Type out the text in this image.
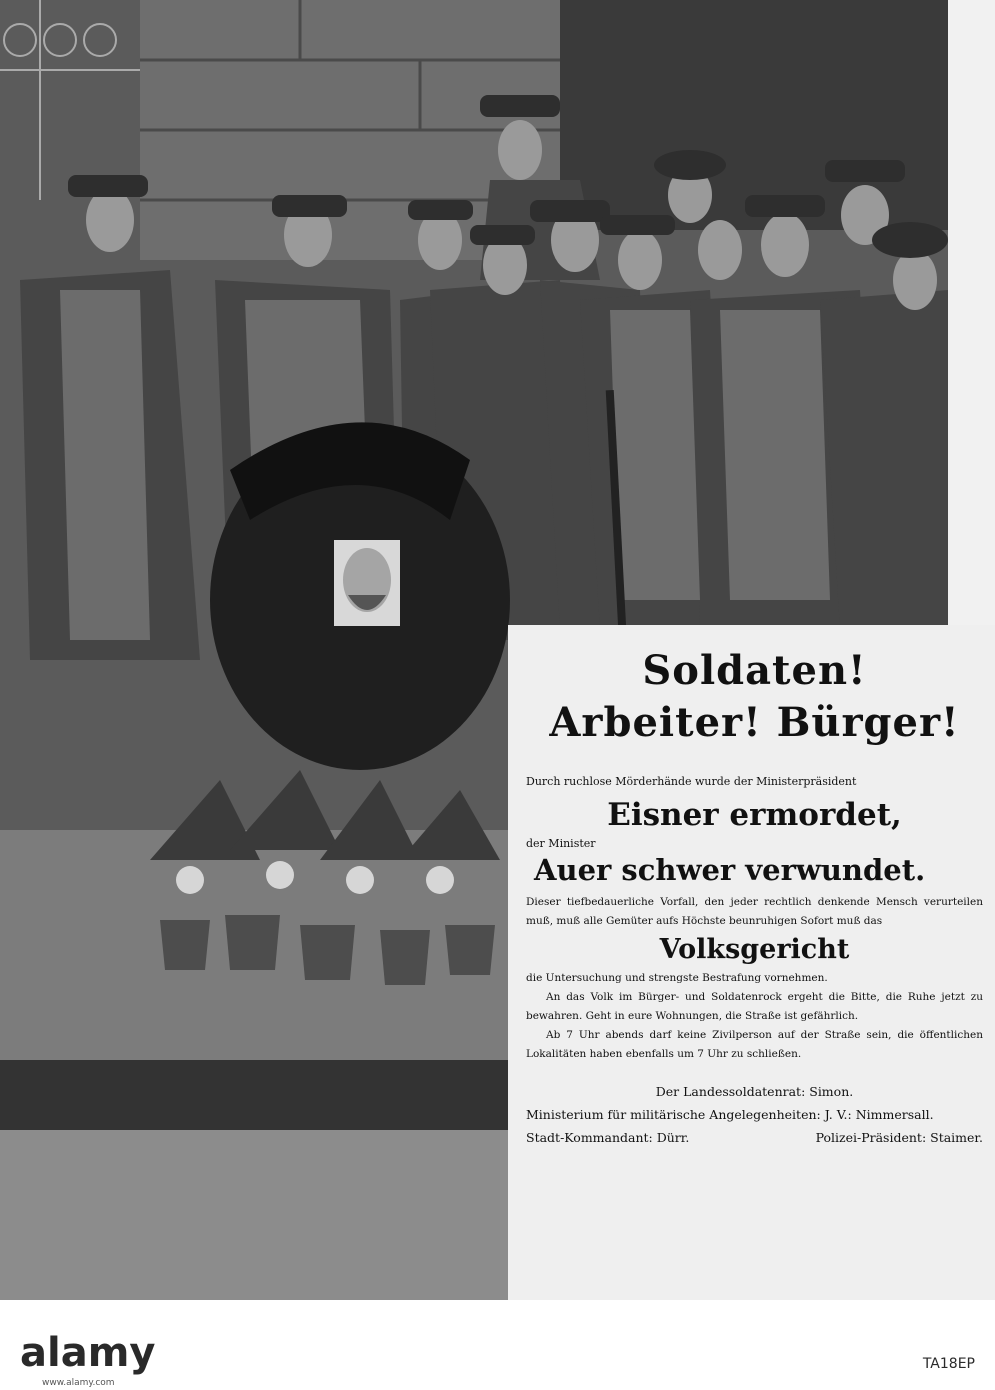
Soldaten!
Arbeiter! Bürger!
Durch ruchlose Mörderhände wurde der Ministerpräsident
Eisner ermordet,
der Minister
Auer schwer verwundet.
Dieser tiefbedauerliche Vorfall, den jeder rechtlich denkende Mensch verurteilen muß, muß alle Gemüter aufs Höchste beunruhigen Sofort muß das
Volksgericht
die Untersuchung und strengste Bestrafung vornehmen.
An das Volk im Bürger- und Soldatenrock ergeht die Bitte, die Ruhe jetzt zu bewahren. Geht in eure Wohnungen, die Straße ist gefährlich.
Ab 7 Uhr abends darf keine Zivilperson auf der Straße sein, die öffentlichen Lokalitäten haben ebenfalls um 7 Uhr zu schließen.
Der Landessoldatenrat: Simon.
Ministerium für militärische Angelegenheiten: J. V.: Nimmersall.
Stadt-Kommandant: Dürr.	Polizei-Präsident: Staimer.
alamy	TA18EP
www.alamy.com
